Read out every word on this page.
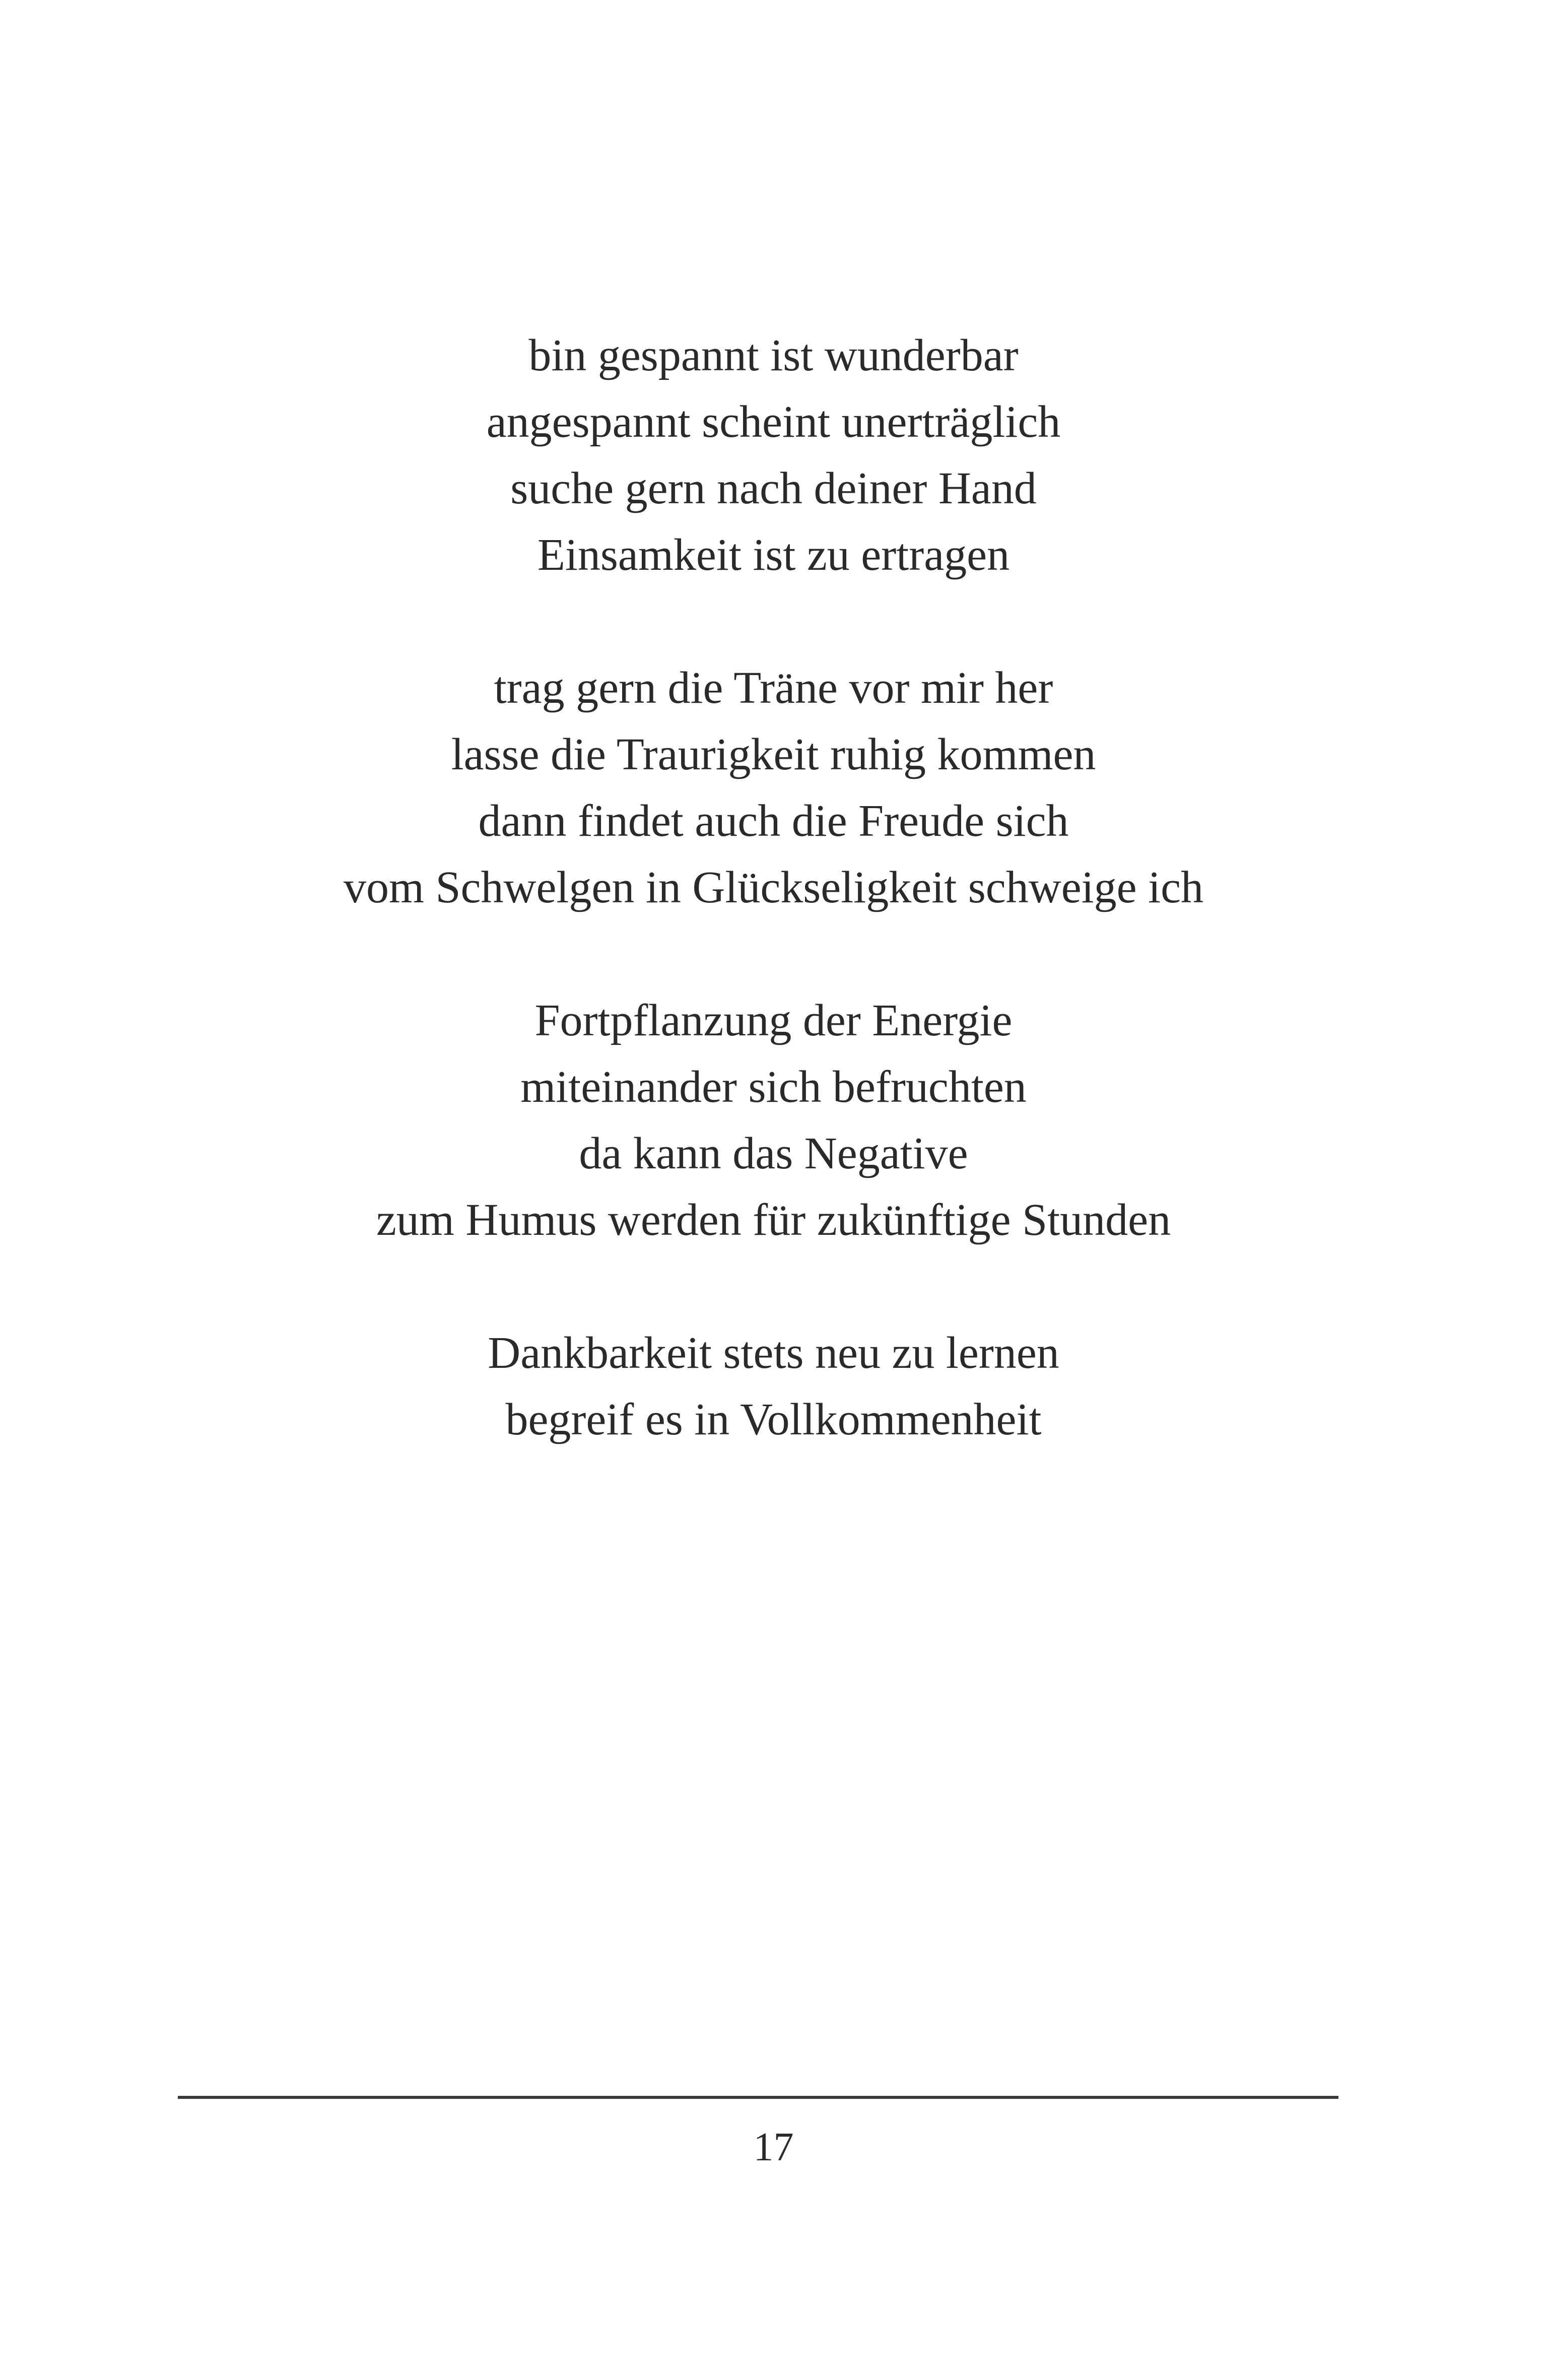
bin gespannt ist wunderbar
angespannt scheint unerträglich
suche gern nach deiner Hand
Einsamkeit ist zu ertragen
trag gern die Träne vor mir her
lasse die Traurigkeit ruhig kommen
dann findet auch die Freude sich
vom Schwelgen in Glückseligkeit schweige ich
Fortpflanzung der Energie
miteinander sich befruchten
da kann das Negative
zum Humus werden für zukünftige Stunden
Dankbarkeit stets neu zu lernen
begreif es in Vollkommenheit
17
